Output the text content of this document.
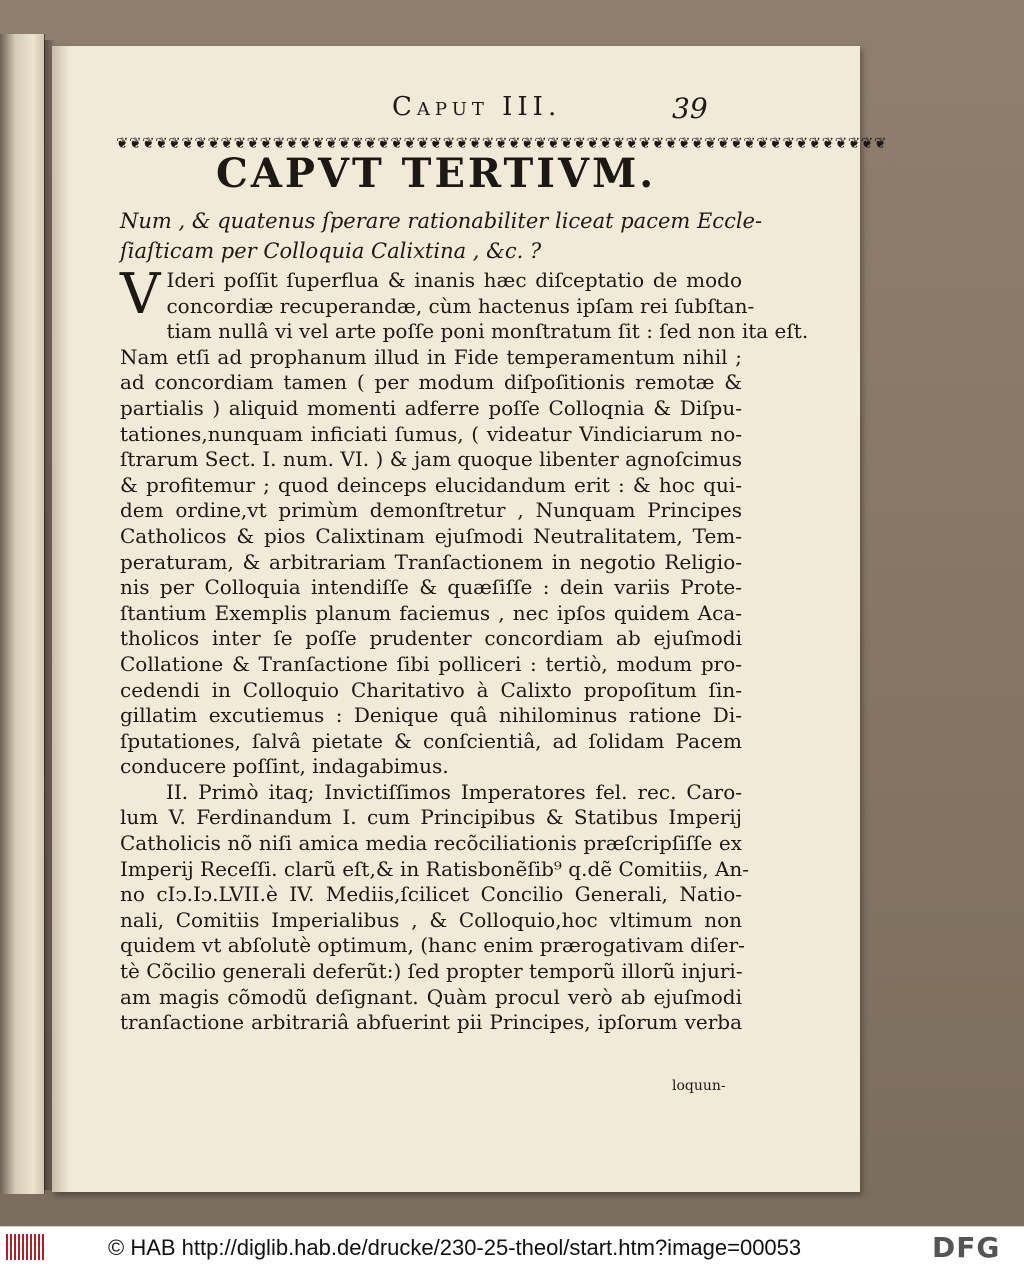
Caput III.	39
❦❦❦❦❦❦❦❦❦❦❦❦❦❦❦❦❦❦❦❦❦❦❦❦❦❦❦❦❦❦❦❦❦❦❦❦❦❦❦❦❦❦❦❦❦❦❦❦❦❦❦❦❦❦❦❦❦❦❦
CAPVT TERTIVM.
Num , & quatenus ſperare rationabiliter liceat pacem Eccle-
ſiaſticam per Colloquia Calixtina , &c. ?
V Ideri poſſit ſuperflua & inanis hæc diſceptatio de modo
concordiæ recuperandæ, cùm hactenus ipſam rei ſubſtan-
tiam nullâ vi vel arte poſſe poni monſtratum ſit : ſed non ita eſt.
Nam etſi ad prophanum illud in Fide temperamentum nihil ;
ad concordiam tamen ( per modum diſpoſitionis remotæ &
partialis ) aliquid momenti adferre poſſe Colloqnia & Diſpu-
tationes,nunquam inficiati ſumus, ( videatur Vindiciarum no-
ſtrarum Sect. I. num. VI. ) & jam quoque libenter agnoſcimus
& profitemur ; quod deinceps elucidandum erit : & hoc qui-
dem ordine,vt primùm demonſtretur , Nunquam Principes
Catholicos & pios Calixtinam ejuſmodi Neutralitatem, Tem-
peraturam, & arbitrariam Tranſactionem in negotio Religio-
nis per Colloquia intendiſſe & quæſiſſe : dein variis Prote-
ſtantium Exemplis planum faciemus , nec ipſos quidem Aca-
tholicos inter ſe poſſe prudenter concordiam ab ejuſmodi
Collatione & Tranſactione ſibi polliceri : tertiò, modum pro-
cedendi in Colloquio Charitativo à Calixto propoſitum ſin-
gillatim excutiemus : Denique quâ nihilominus ratione Di-
ſputationes, ſalvâ pietate & conſcientiâ, ad ſolidam Pacem
conducere poſſint, indagabimus.
II. Primò itaq; Invictiſſimos Imperatores fel. rec. Caro-
lum V. Ferdinandum I. cum Principibus & Statibus Imperij
Catholicis nõ niſi amica media recõciliationis præſcripſiſſe ex
Imperij Receſſi. clarũ eſt,& in Ratisbonẽſib⁹ q.dẽ Comitiis, An-
no cIↄ.Iↄ.LVII.è IV. Mediis,ſcilicet Concilio Generali, Natio-
nali, Comitiis Imperialibus , & Colloquio,hoc vltimum non
quidem vt abſolutè optimum, (hanc enim prærogativam diſer-
tè Cõcilio generali deferũt:) ſed propter temporũ illorũ injuri-
am magis cõmodũ deſignant. Quàm procul verò ab ejuſmodi
tranſactione arbitrariâ abfuerint pii Principes, ipſorum verba
loquun-
© HAB http://diglib.hab.de/drucke/230-25-theol/start.htm?image=00053	DFG
